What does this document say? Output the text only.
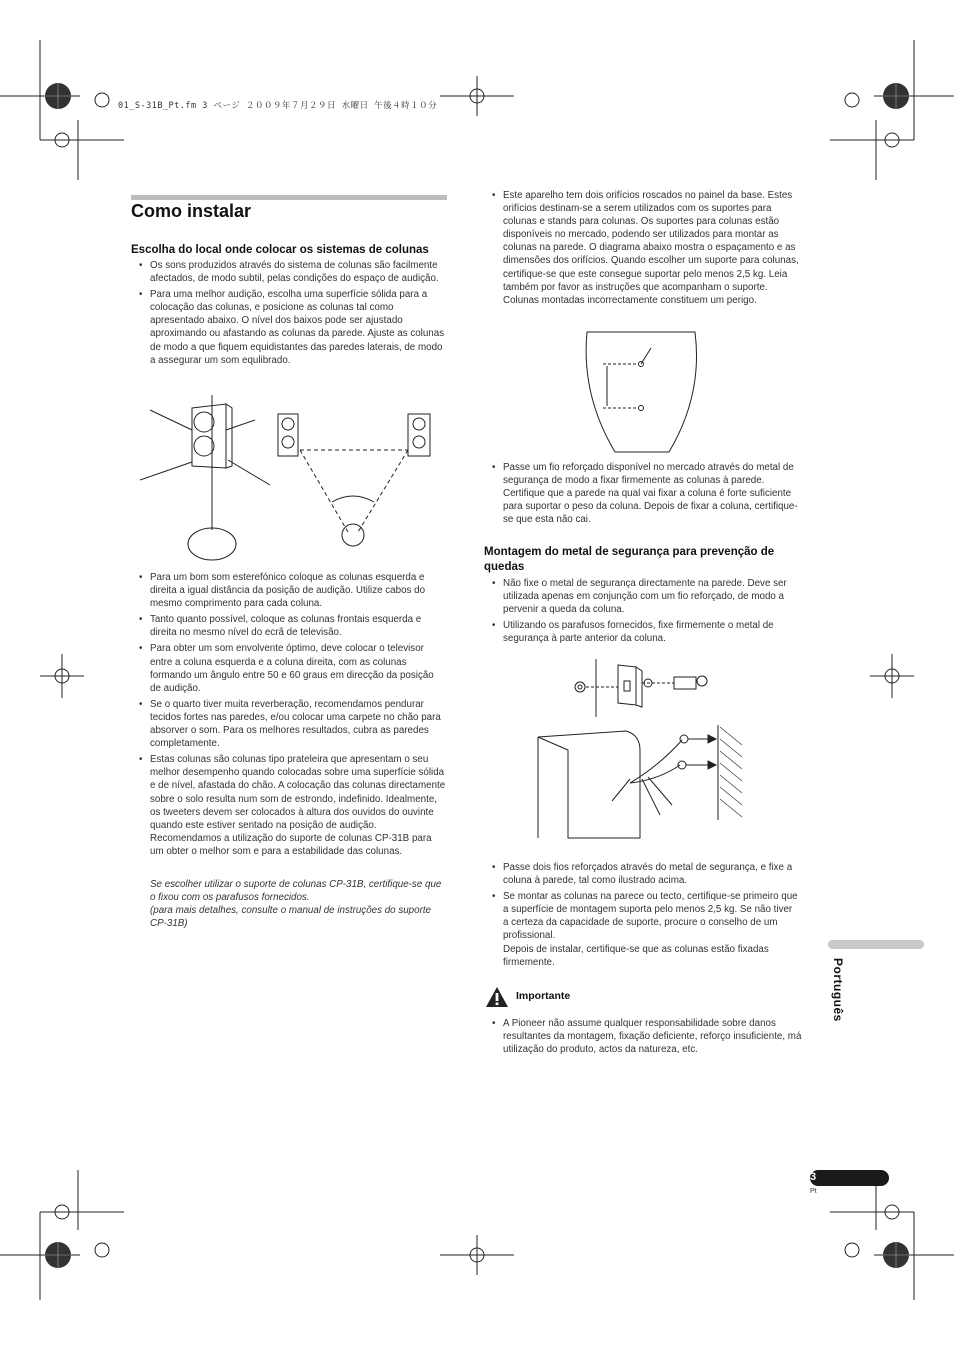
01_S-31B_Pt.fm 3 ページ ２００９年７月２９日 水曜日 午後４時１０分
Como instalar
Escolha do local onde colocar os sistemas de colunas
• Os sons produzidos através do sistema de colunas são facilmente afectados, de modo subtil, pelas condições do espaço de audição.
• Para uma melhor audição, escolha uma superfície sólida para a colocação das colunas, e posicione as colunas tal como apresentado abaixo. O nível dos baixos pode ser ajustado aproximando ou afastando as colunas da parede. Ajuste as colunas de modo a que fiquem equidistantes das paredes laterais, de modo a assegurar um som equlibrado.
• Para um bom som esterefónico coloque as colunas esquerda e direita a igual distância da posição de audição. Utilize cabos do mesmo comprimento para cada coluna.
• Tanto quanto possível, coloque as colunas frontais esquerda e direita no mesmo nível do ecrã de televisão.
• Para obter um som envolvente óptimo, deve colocar o televisor entre a coluna esquerda e a coluna direita, com as colunas formando um ângulo entre 50 e 60 graus em direcção da posição de audição.
• Se o quarto tiver muita reverberação, recomendamos pendurar tecidos fortes nas paredes, e/ou colocar uma carpete no chão para absorver o som. Para os melhores resultados, cubra as paredes completamente.
• Estas colunas são colunas tipo prateleira que apresentam o seu melhor desempenho quando colocadas sobre uma superfície sólida e de nível, afastada do chão. A colocação das colunas directamente sobre o solo resulta num som de estrondo, indefinido. Idealmente, os tweeters devem ser colocados à altura dos ouvidos do ouvinte quando este estiver sentado na posição de audição. Recomendamos a utilização do suporte de colunas CP-31B para um obter o melhor som e para a estabilidade das colunas.
Se escolher utilizar o suporte de colunas CP-31B, certifique-se que o fixou com os parafusos fornecidos.
(para mais detalhes, consulte o manual de instruções do suporte CP-31B)
• Este aparelho tem dois orifícios roscados no painel da base. Estes orifícios destinam-se a serem utilizados com os suportes para colunas e stands para colunas. Os suportes para colunas estão disponíveis no mercado, podendo ser utilizados para montar as colunas na parede. O diagrama abaixo mostra o espaçamento e as dimensões dos orifícios. Quando escolher um suporte para colunas, certifique-se que este consegue suportar pelo menos 2,5 kg. Leia também por favor as instruções que acompanham o suporte. Colunas montadas incorrectamente constituem um perigo.
• Passe um fio reforçado disponível no mercado através do metal de segurança de modo a fixar firmemente as colunas à parede. Certifique que a parede na qual vai fixar a coluna é forte suficiente para suportar o peso da coluna. Depois de fixar a coluna, certifique-se que esta não cai.
Montagem do metal de segurança para prevenção de quedas
• Não fixe o metal de segurança directamente na parede. Deve ser utilizada apenas em conjunção com um fio reforçado, de modo a pervenir a queda da coluna.
• Utilizando os parafusos fornecidos, fixe firmemente o metal de segurança à parte anterior da coluna.
• Passe dois fios reforçados através do metal de segurança, e fixe a coluna à parede, tal como ilustrado acima.
• Se montar as colunas na parece ou tecto, certifique-se primeiro que a superfície de montagem suporta pelo menos 2,5 kg. Se não tiver a certeza da capacidade de suporte, procure o conselho de um profissional.
Depois de instalar, certifique-se que as colunas estão fixadas firmemente.
Importante
• A Pioneer não assume qualquer responsabilidade sobre danos resultantes da montagem, fixação deficiente, reforço insuficiente, má utilização do produto, actos da natureza, etc.
Português
3
Pt
